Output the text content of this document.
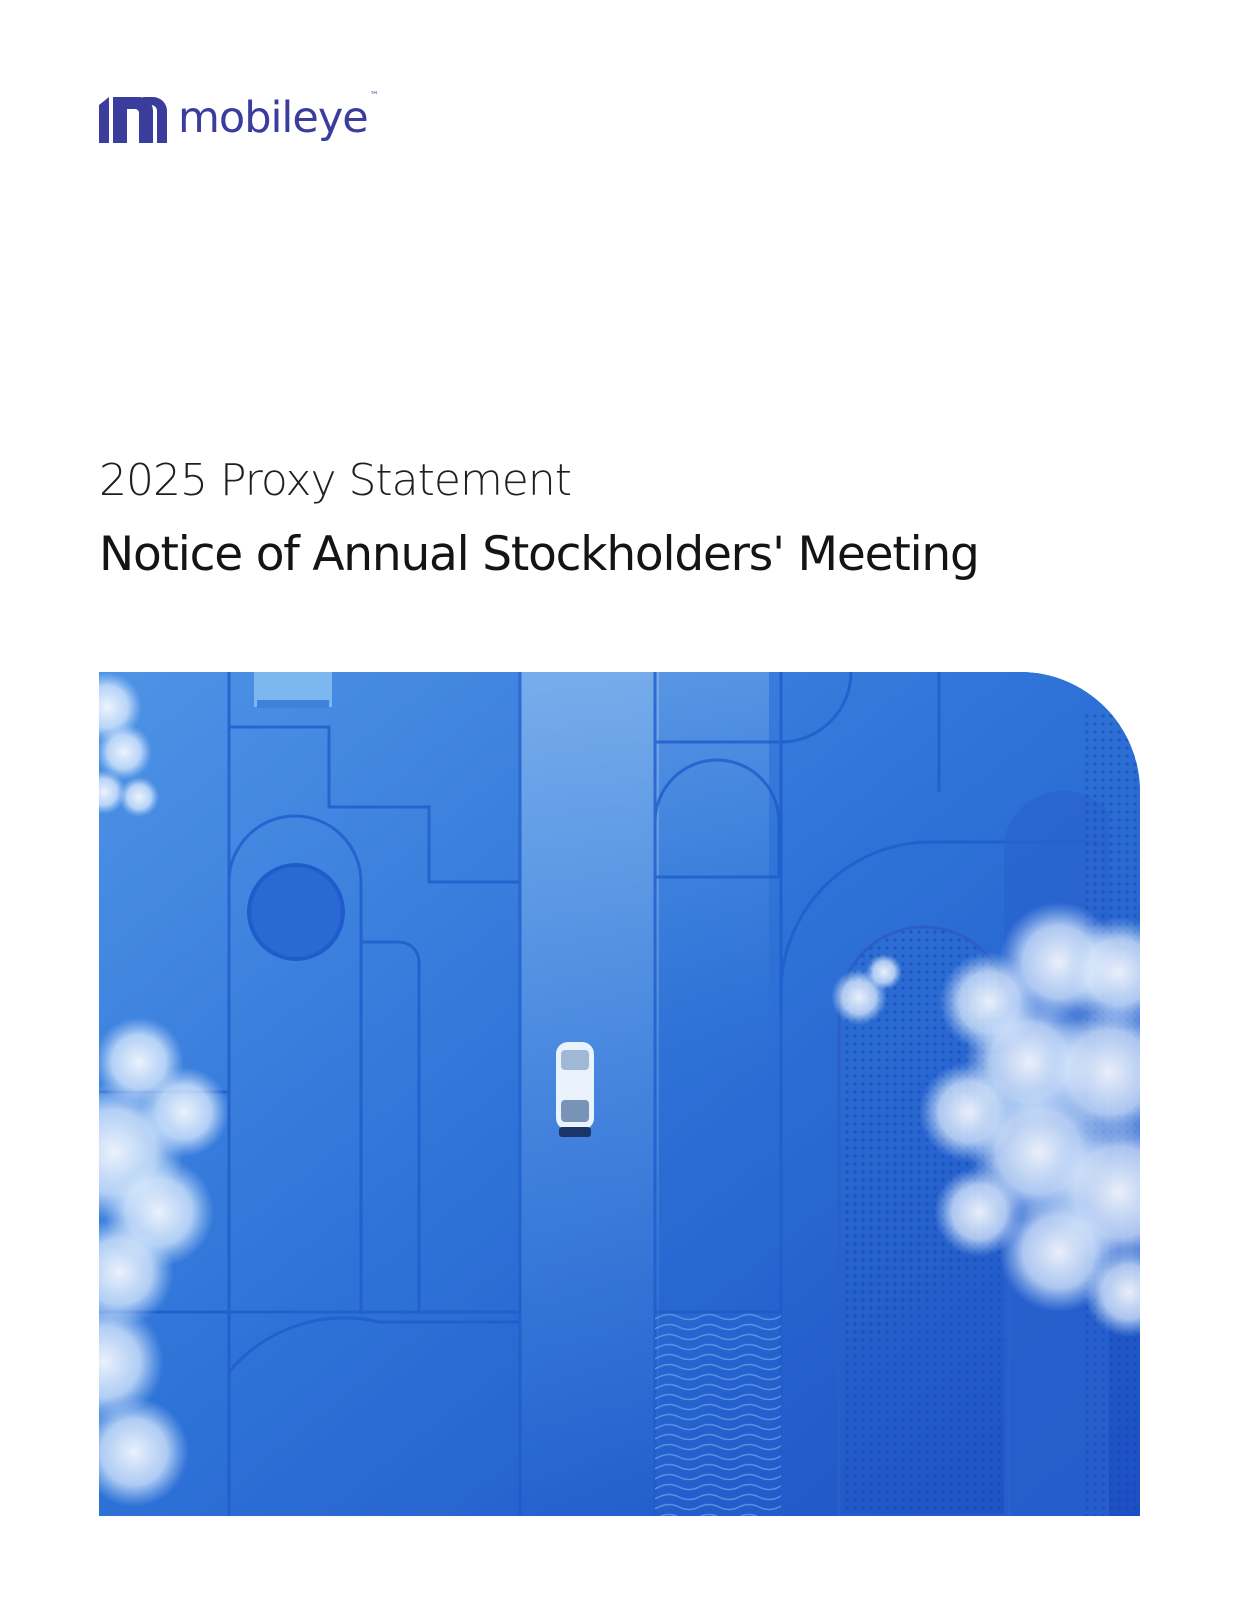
mobileye ™
2025 Proxy Statement
Notice of Annual Stockholders' Meeting
